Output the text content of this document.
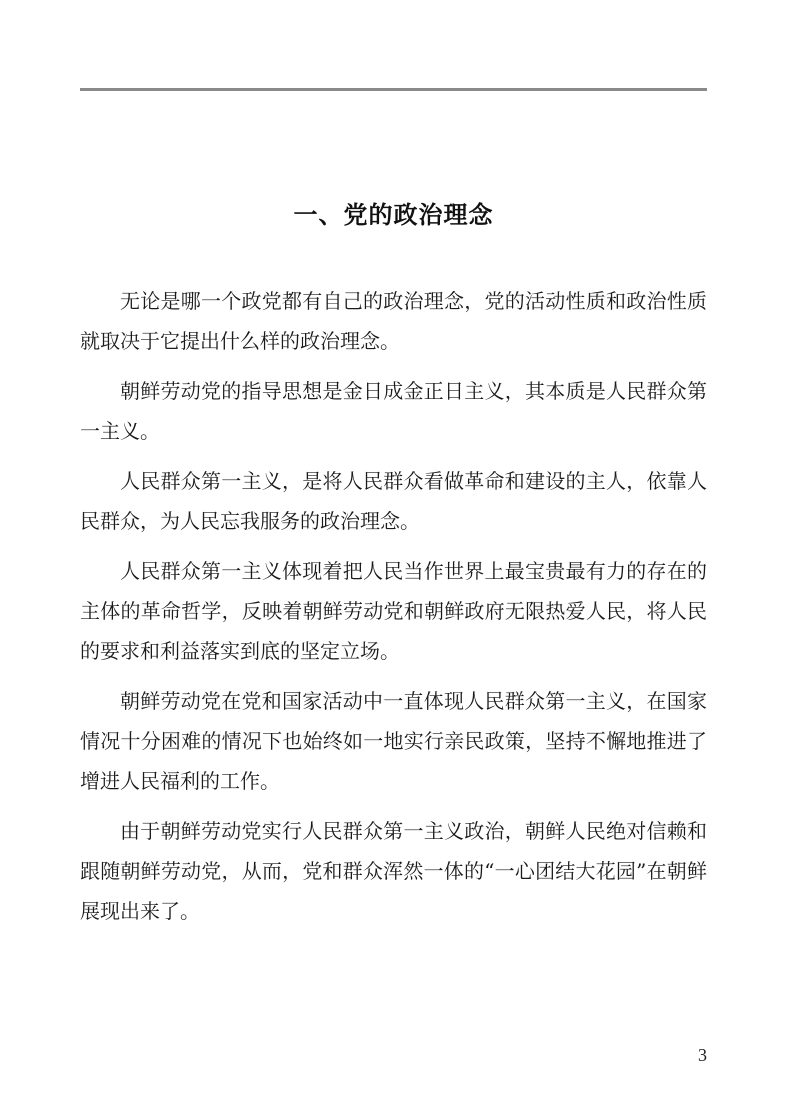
一、党的政治理念

无论是哪一个政党都有自己的政治理念，党的活动性质和政治性质就取决于它提出什么样的政治理念。

朝鲜劳动党的指导思想是金日成金正日主义，其本质是人民群众第一主义。

人民群众第一主义，是将人民群众看做革命和建设的主人，依靠人民群众，为人民忘我服务的政治理念。

人民群众第一主义体现着把人民当作世界上最宝贵最有力的存在的主体的革命哲学，反映着朝鲜劳动党和朝鲜政府无限热爱人民，将人民的要求和利益落实到底的坚定立场。

朝鲜劳动党在党和国家活动中一直体现人民群众第一主义，在国家情况十分困难的情况下也始终如一地实行亲民政策，坚持不懈地推进了增进人民福利的工作。

由于朝鲜劳动党实行人民群众第一主义政治，朝鲜人民绝对信赖和跟随朝鲜劳动党，从而，党和群众浑然一体的“一心团结大花园”在朝鲜展现出来了。

3
